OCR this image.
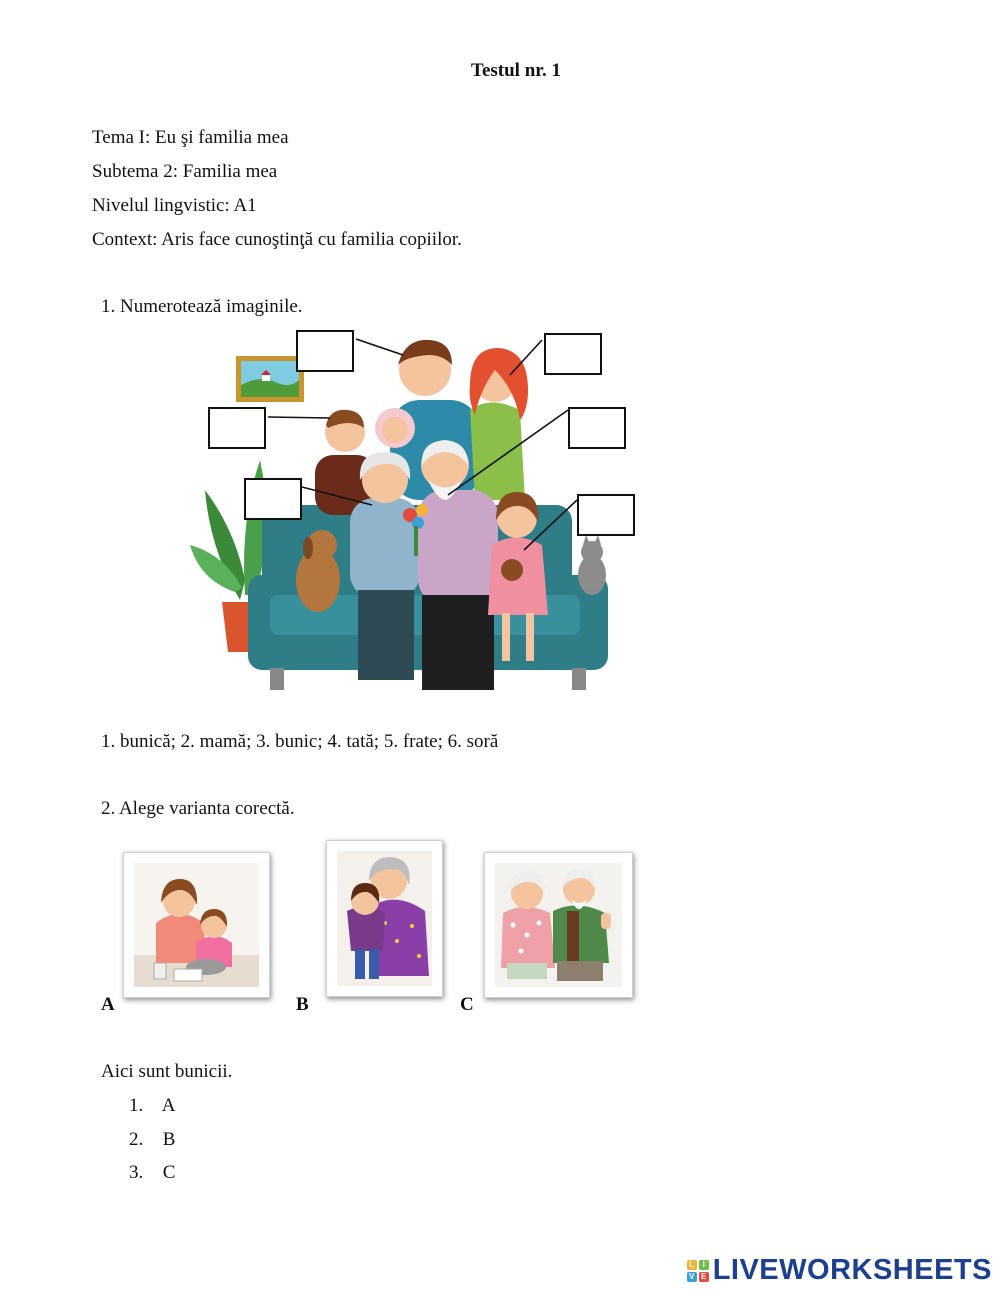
Testul nr. 1
Tema I: Eu şi familia mea
Subtema 2: Familia mea
Nivelul lingvistic: A1
Context: Aris face cunoştinţă cu familia copiilor.
1. Numerotează imaginile.
1. bunică; 2. mamă; 3. bunic; 4. tată; 5. frate; 6. soră
2. Alege varianta corectă.
A	B	C
Aici sunt bunicii.
1. A
2. B
3. C
L	I
V E LIVEWORKSHEETS
